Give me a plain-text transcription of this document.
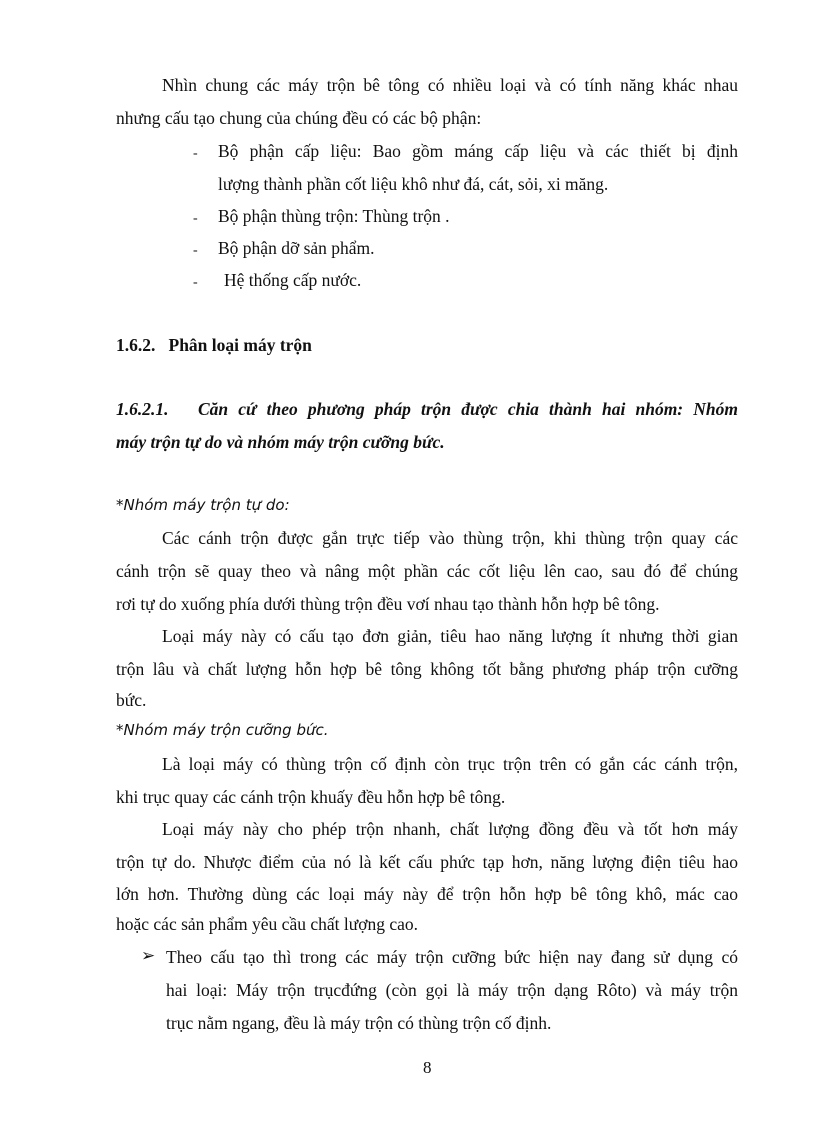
Nhìn chung các máy trộn bê tông có nhiều loại và có tính năng khác nhau
nhưng cấu tạo chung của chúng đều có các bộ phận:
- Bộ phận cấp liệu: Bao gồm máng cấp liệu và các thiết bị định
lượng thành phần cốt liệu khô như đá, cát, sỏi, xi măng.
- Bộ phận thùng trộn: Thùng trộn .
- Bộ phận dỡ sản phẩm.
- Hệ thống cấp nước.
1.6.2.   Phân loại máy trộn
1.6.2.1. Căn cứ theo phương pháp trộn được chia thành hai nhóm: Nhóm
máy trộn tự do và nhóm máy trộn cưỡng bức.
*Nhóm máy trộn tự do:
Các cánh trộn được gắn trực tiếp vào thùng trộn, khi thùng trộn quay các
cánh trộn sẽ quay theo và nâng một phần các cốt liệu lên cao, sau đó để chúng
rơi tự do xuống phía dưới thùng trộn đều vơí nhau tạo thành hỗn hợp bê tông.
Loại máy này có cấu tạo đơn giản, tiêu hao năng lượng ít nhưng thời gian
trộn lâu và chất lượng hỗn hợp bê tông không tốt bằng phương pháp trộn cưỡng
bức.
*Nhóm máy trộn cưỡng bức.
Là loại máy có thùng trộn cố định còn trục trộn trên có gắn các cánh trộn,
khi trục quay các cánh trộn khuấy đều hỗn hợp bê tông.
Loại máy này cho phép trộn nhanh, chất lượng đồng đều và tốt hơn máy
trộn tự do. Nhược điểm của nó là kết cấu phức tạp hơn, năng lượng điện tiêu hao
lớn hơn. Thường dùng các loại máy này để trộn hỗn hợp bê tông khô, mác cao
hoặc các sản phẩm yêu cầu chất lượng cao.
➢ Theo cấu tạo thì trong các máy trộn cưỡng bức hiện nay đang sử dụng có
hai loại: Máy trộn trụcđứng (còn gọi là máy trộn dạng Rôto) và máy trộn
trục nằm ngang, đều là máy trộn có thùng trộn cố định.
8
